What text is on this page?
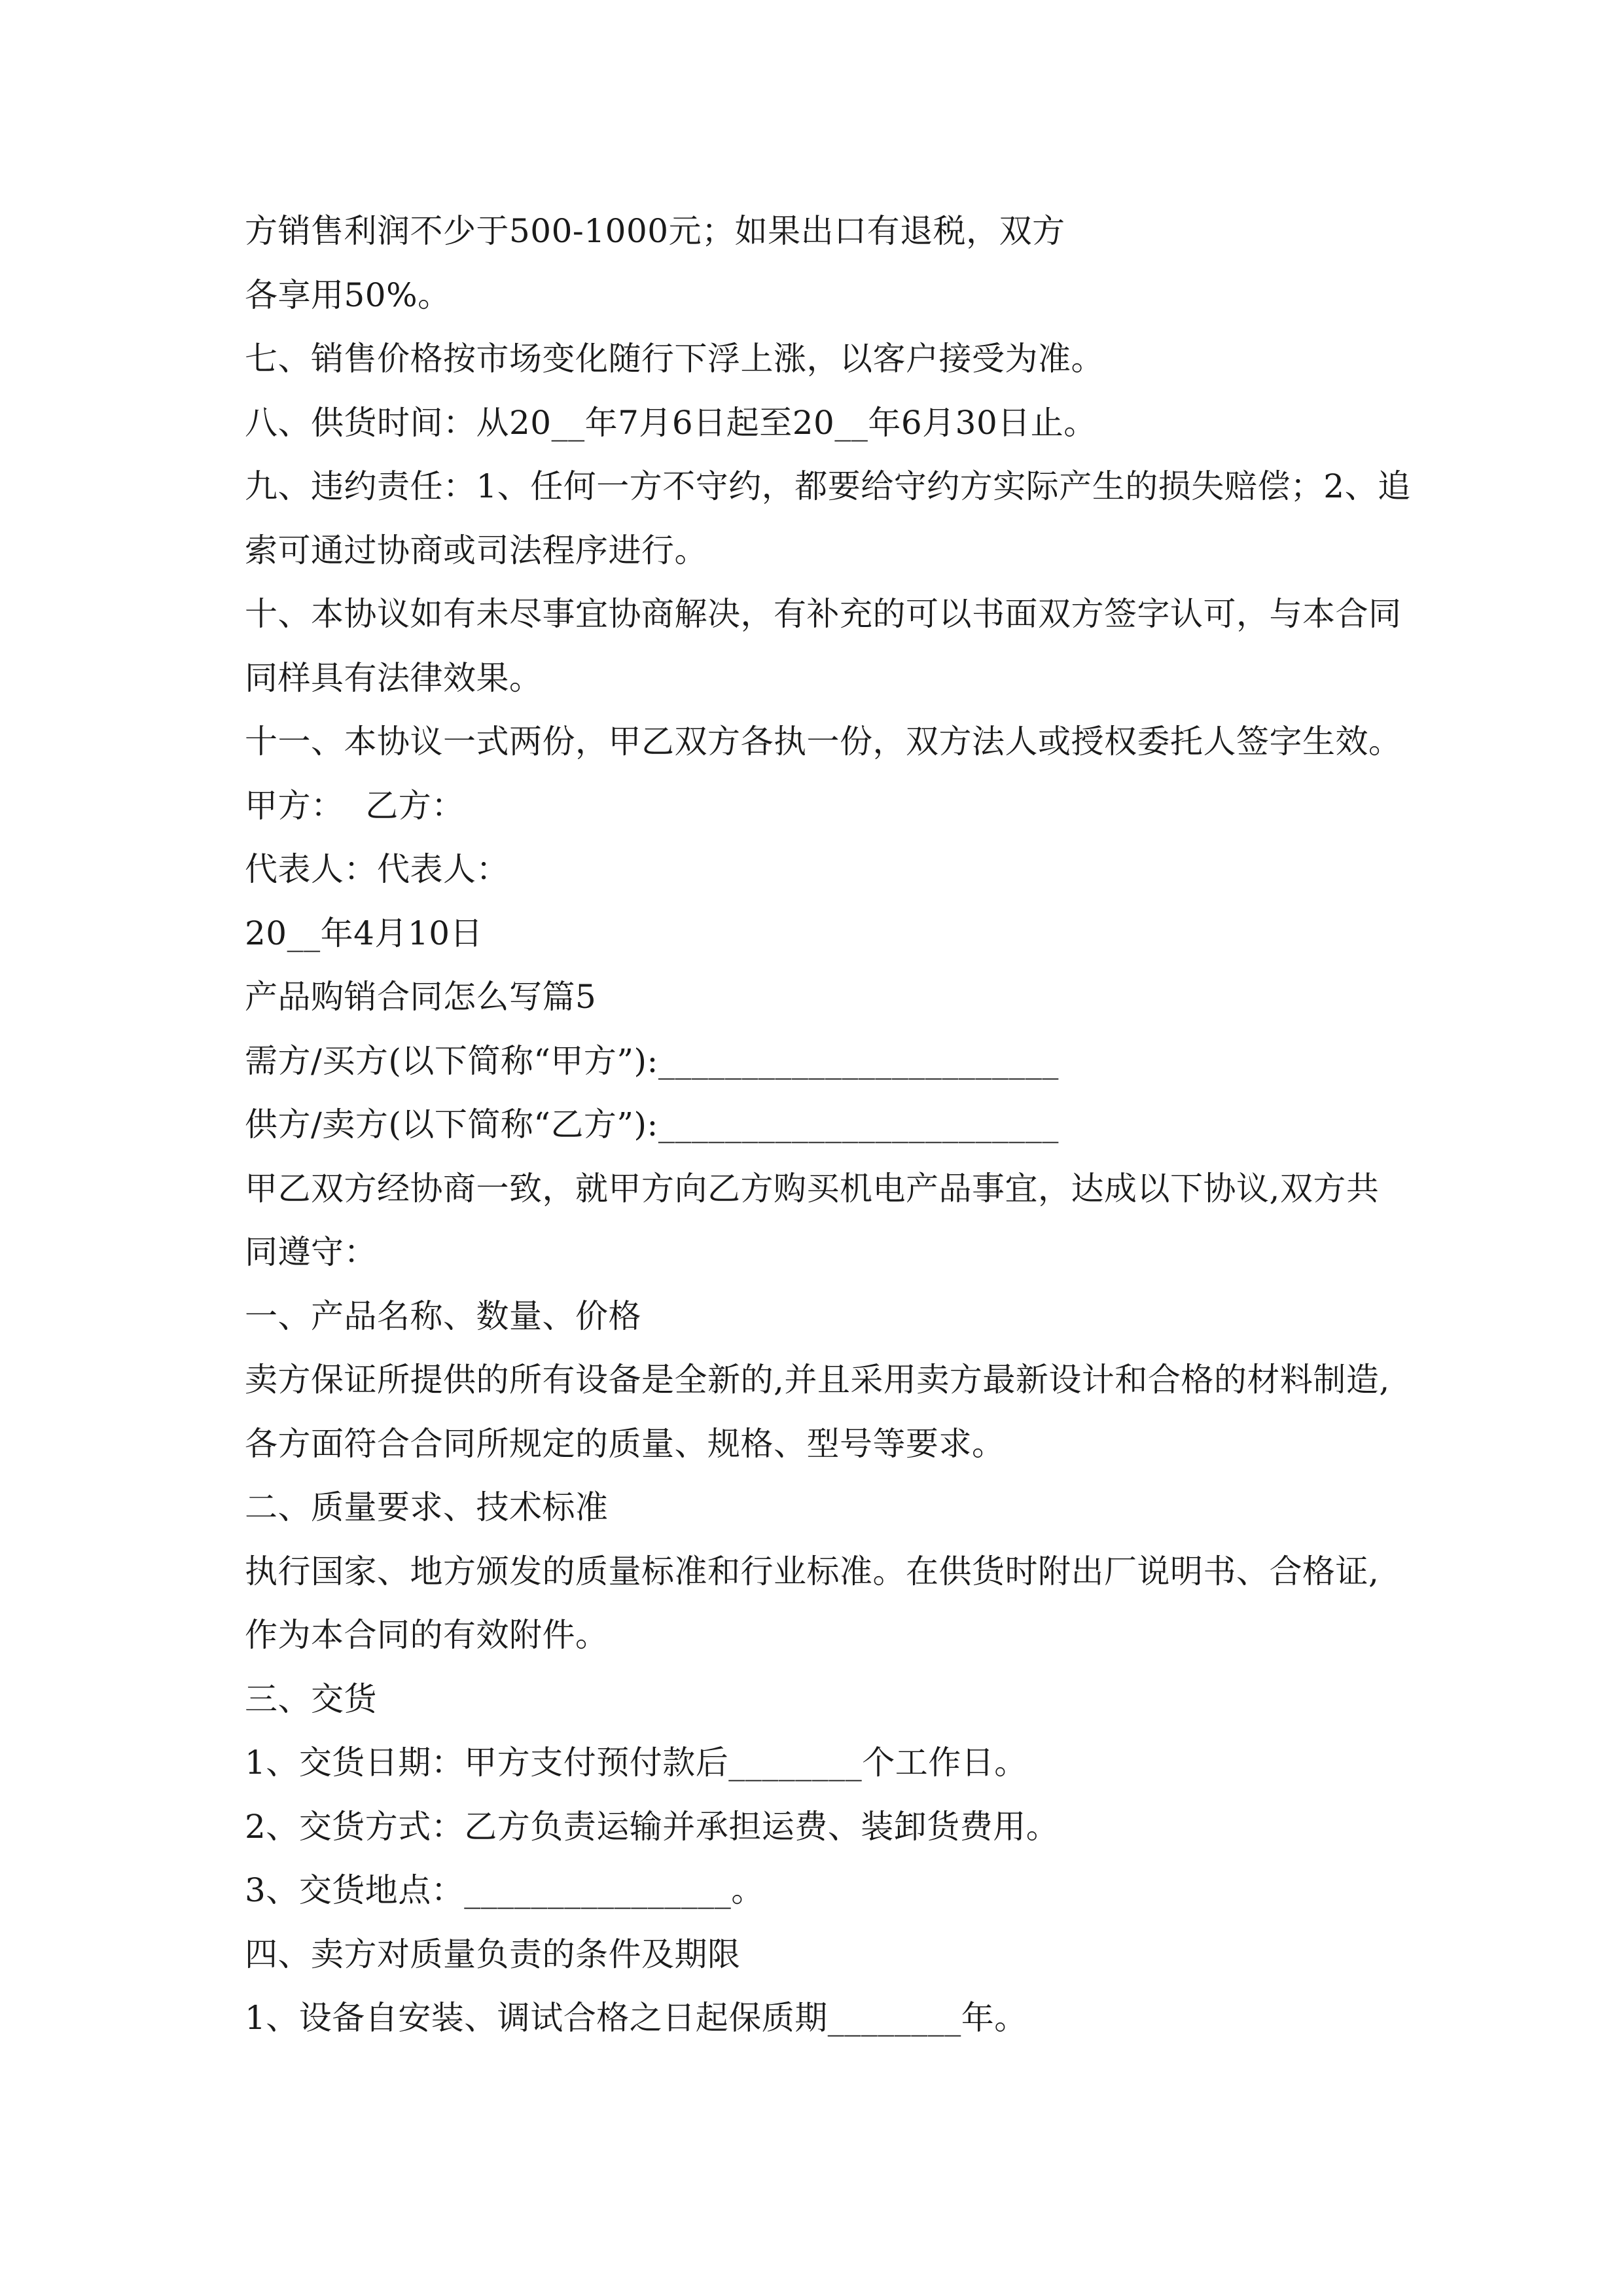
方销售利润不少于500-1000元；如果出口有退税，双方
各享用50%。
七、销售价格按市场变化随行下浮上涨，以客户接受为准。
八、供货时间：从20__年7月6日起至20__年6月30日止。
九、违约责任：1、任何一方不守约，都要给守约方实际产生的损失赔偿；2、追
索可通过协商或司法程序进行。
十、本协议如有未尽事宜协商解决，有补充的可以书面双方签字认可，与本合同
同样具有法律效果。
十一、本协议一式两份，甲乙双方各执一份，双方法人或授权委托人签字生效。
甲方：  乙方：
代表人：代表人：
20__年4月10日
产品购销合同怎么写篇5
需方/买方(以下简称“甲方”):________________________
供方/卖方(以下简称“乙方”):________________________
甲乙双方经协商一致，就甲方向乙方购买机电产品事宜，达成以下协议,双方共
同遵守：
一、产品名称、数量、价格
卖方保证所提供的所有设备是全新的,并且采用卖方最新设计和合格的材料制造,
各方面符合合同所规定的质量、规格、型号等要求。
二、质量要求、技术标准
执行国家、地方颁发的质量标准和行业标准。在供货时附出厂说明书、合格证,
作为本合同的有效附件。
三、交货
1、交货日期：甲方支付预付款后________个工作日。
2、交货方式：乙方负责运输并承担运费、装卸货费用。
3、交货地点：________________。
四、卖方对质量负责的条件及期限
1、设备自安装、调试合格之日起保质期________年。
